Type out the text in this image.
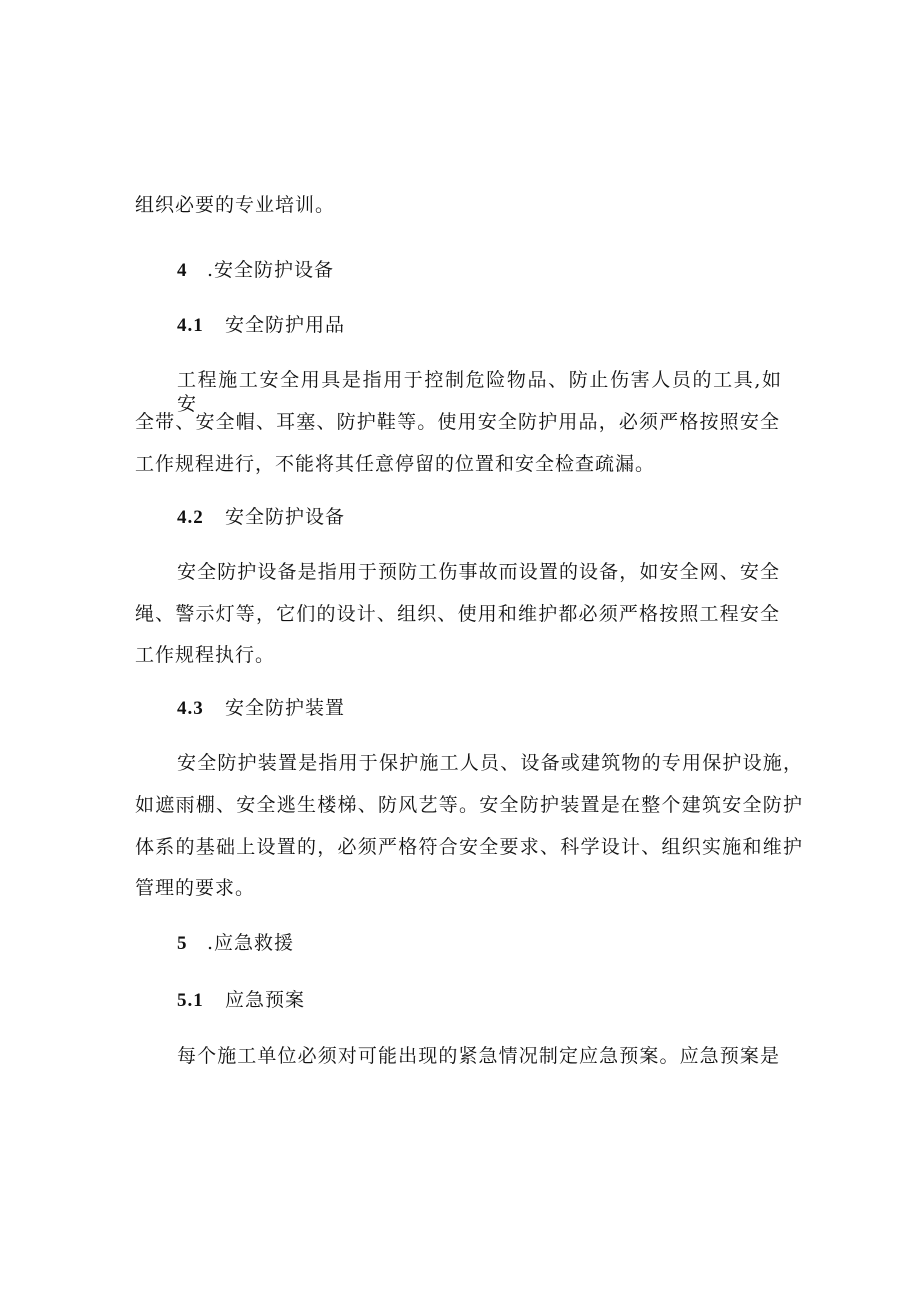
组织必要的专业培训。
4 .安全防护设备
4.1 安全防护用品
工程施工安全用具是指用于控制危险物品、防止伤害人员的工具,如安
全带、安全帽、耳塞、防护鞋等。使用安全防护用品，必须严格按照安全
工作规程进行，不能将其任意停留的位置和安全检查疏漏。
4.2 安全防护设备
安全防护设备是指用于预防工伤事故而设置的设备，如安全网、安全
绳、警示灯等，它们的设计、组织、使用和维护都必须严格按照工程安全
工作规程执行。
4.3 安全防护装置
安全防护装置是指用于保护施工人员、设备或建筑物的专用保护设施，
如遮雨棚、安全逃生楼梯、防风艺等。安全防护装置是在整个建筑安全防护
体系的基础上设置的，必须严格符合安全要求、科学设计、组织实施和维护
管理的要求。
5 .应急救援
5.1 应急预案
每个施工单位必须对可能出现的紧急情况制定应急预案。应急预案是
